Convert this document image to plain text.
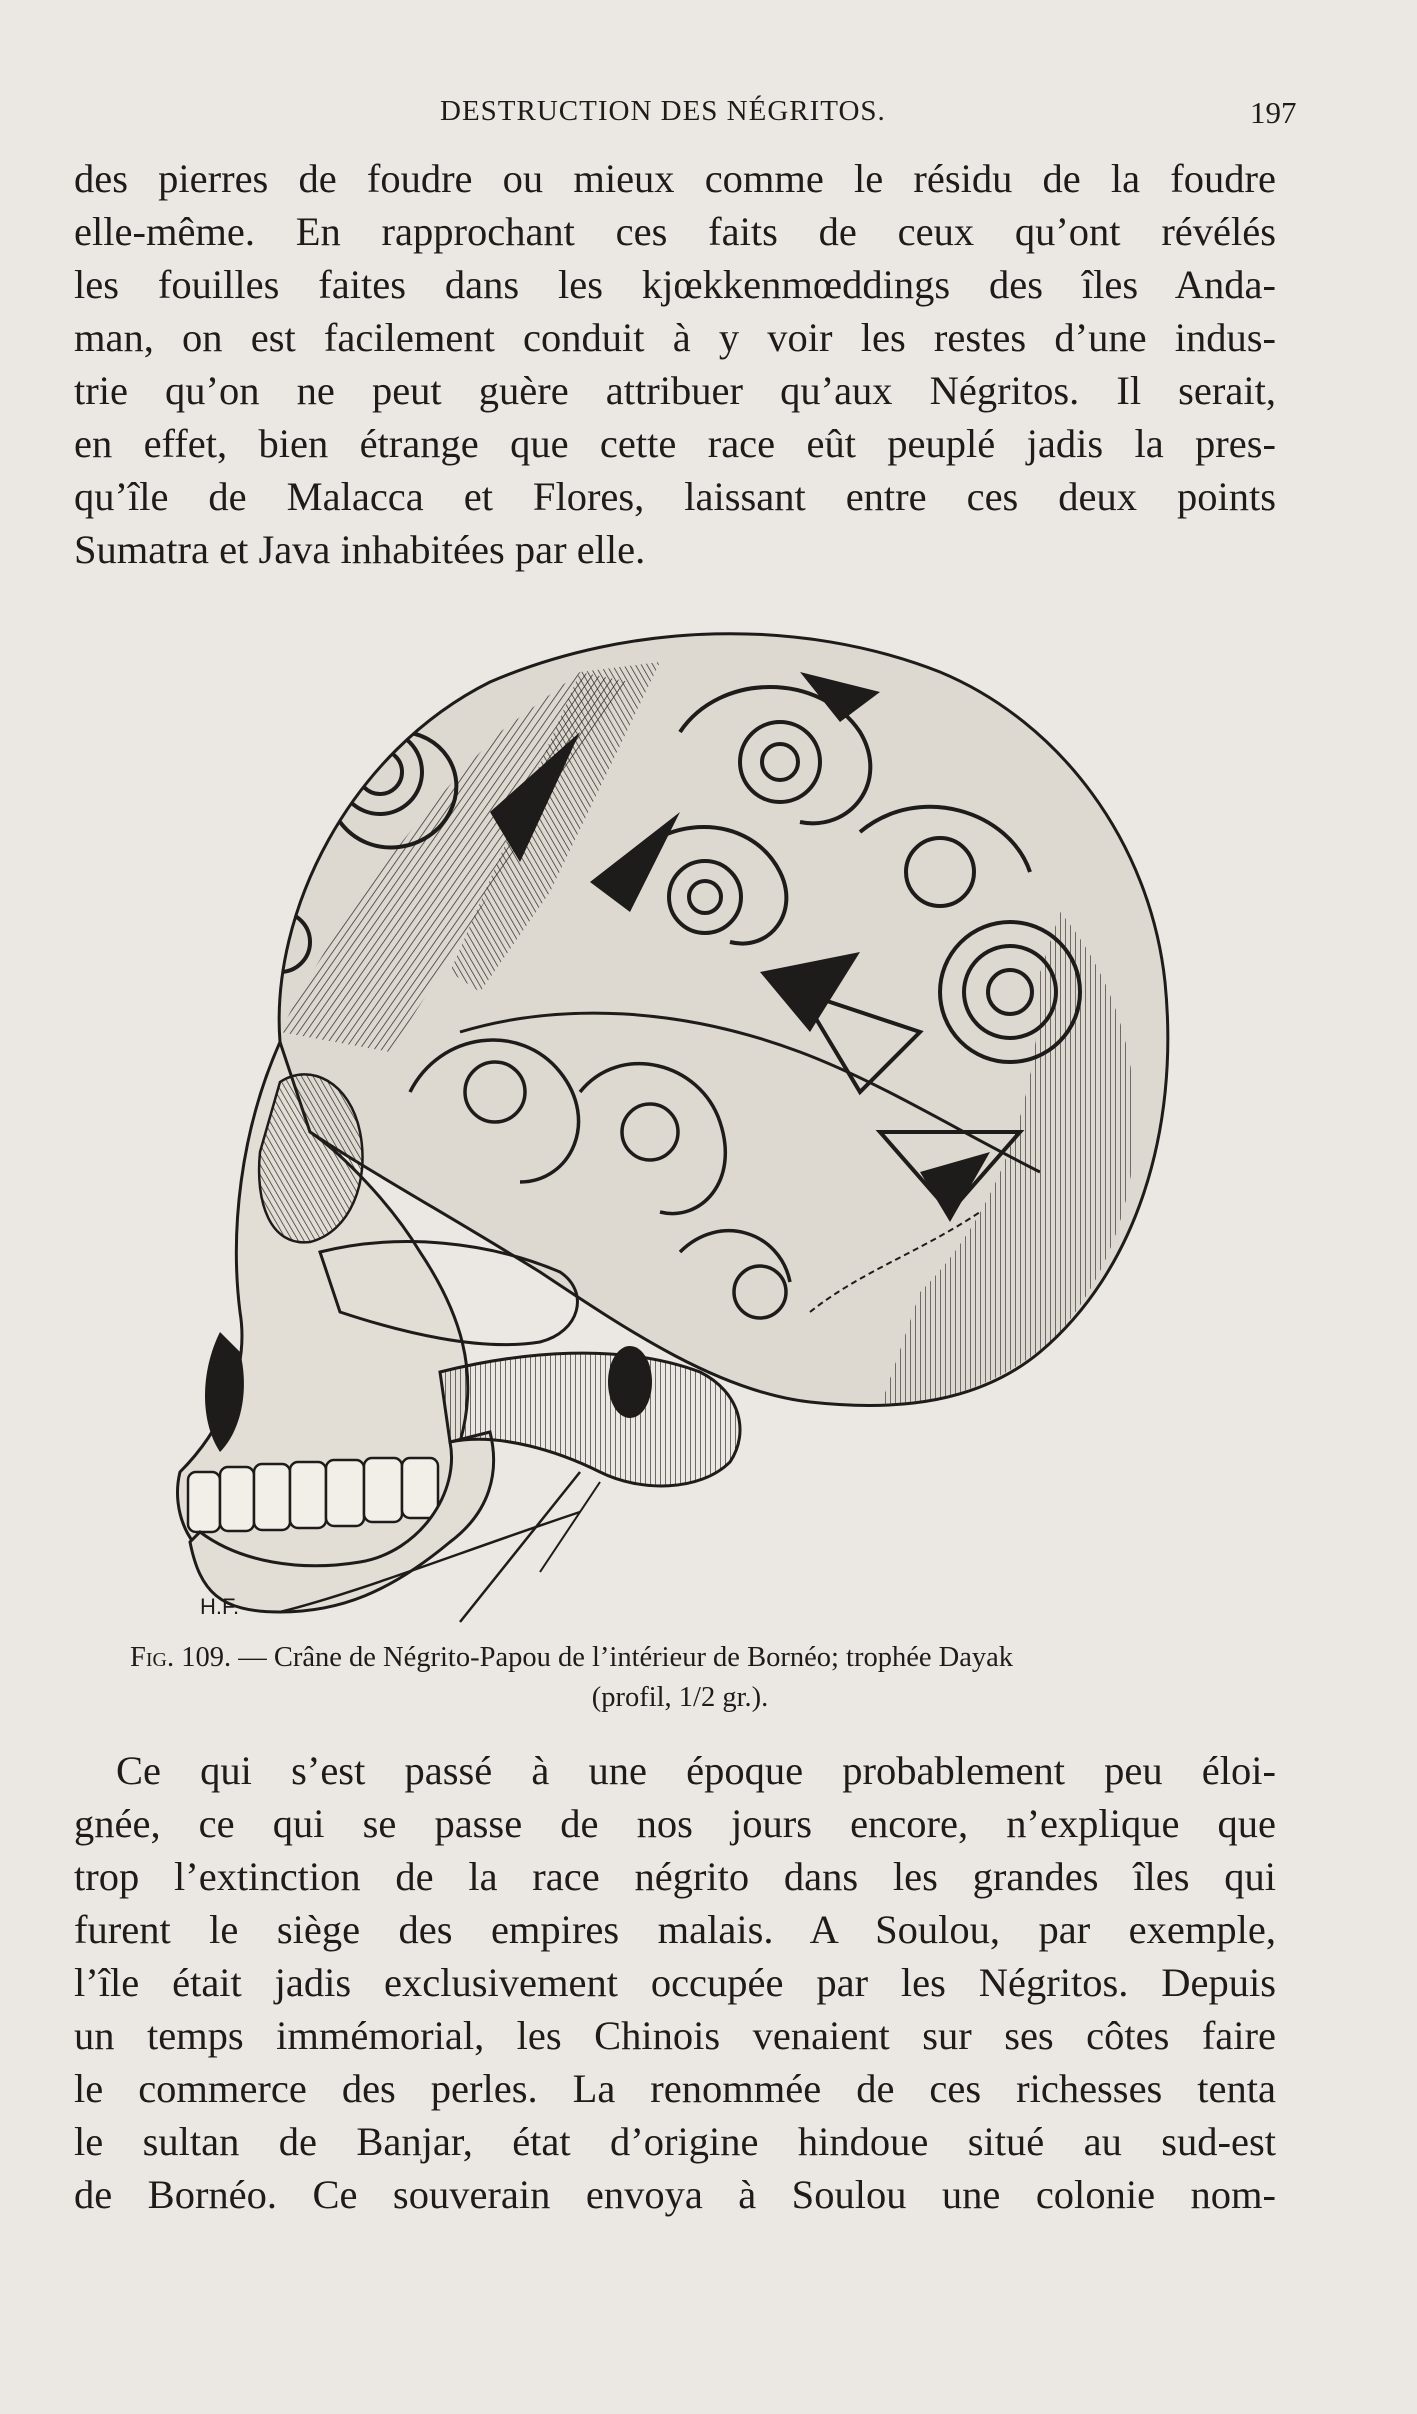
DESTRUCTION DES NÉGRITOS.	197
des pierres de foudre ou mieux comme le résidu de la foudre
elle-même. En rapprochant ces faits de ceux qu’ont révélés
les fouilles faites dans les kjœkkenmœddings des îles Anda-
man, on est facilement conduit à y voir les restes d’une indus-
trie qu’on ne peut guère attribuer qu’aux Négritos. Il serait,
en effet, bien étrange que cette race eût peuplé jadis la pres-
qu’île de Malacca et Flores, laissant entre ces deux points
Sumatra et Java inhabitées par elle.
H.F.
Fig. 109. — Crâne de Négrito-Papou de l’intérieur de Bornéo; trophée Dayak
(profil, 1/2 gr.).
Ce qui s’est passé à une époque probablement peu éloi-
gnée, ce qui se passe de nos jours encore, n’explique que
trop l’extinction de la race négrito dans les grandes îles qui
furent le siège des empires malais. A Soulou, par exemple,
l’île était jadis exclusivement occupée par les Négritos. Depuis
un temps immémorial, les Chinois venaient sur ses côtes faire
le commerce des perles. La renommée de ces richesses tenta
le sultan de Banjar, état d’origine hindoue situé au sud-est
de Bornéo. Ce souverain envoya à Soulou une colonie nom-
